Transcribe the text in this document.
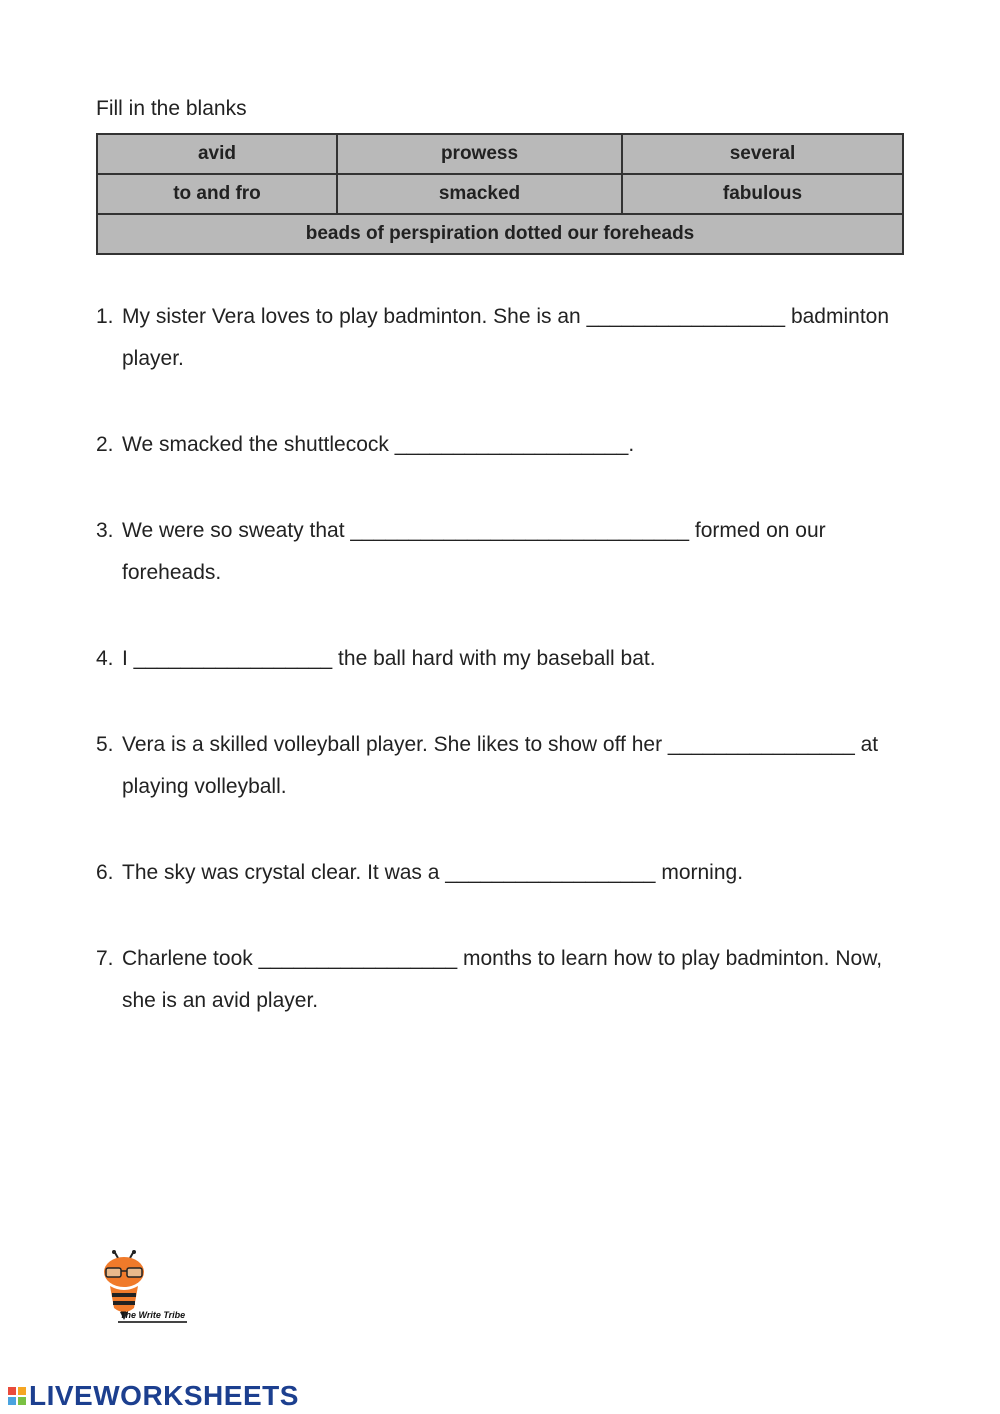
Fill in the blanks
avid	prowess	several
to and fro	smacked	fabulous
beads of perspiration dotted our foreheads		
1. My sister Vera loves to play badminton. She is an _________________ badminton player.
2. We smacked the shuttlecock ____________________.
3. We were so sweaty that _____________________________ formed on our foreheads.
4. I _________________ the ball hard with my baseball bat.
5. Vera is a skilled volleyball player. She likes to show off her ________________ at playing volleyball.
6. The sky was crystal clear. It was a __________________ morning.
7. Charlene took _________________ months to learn how to play badminton. Now, she is an avid player.
The Write Tribe
LIVEWORKSHEETS
